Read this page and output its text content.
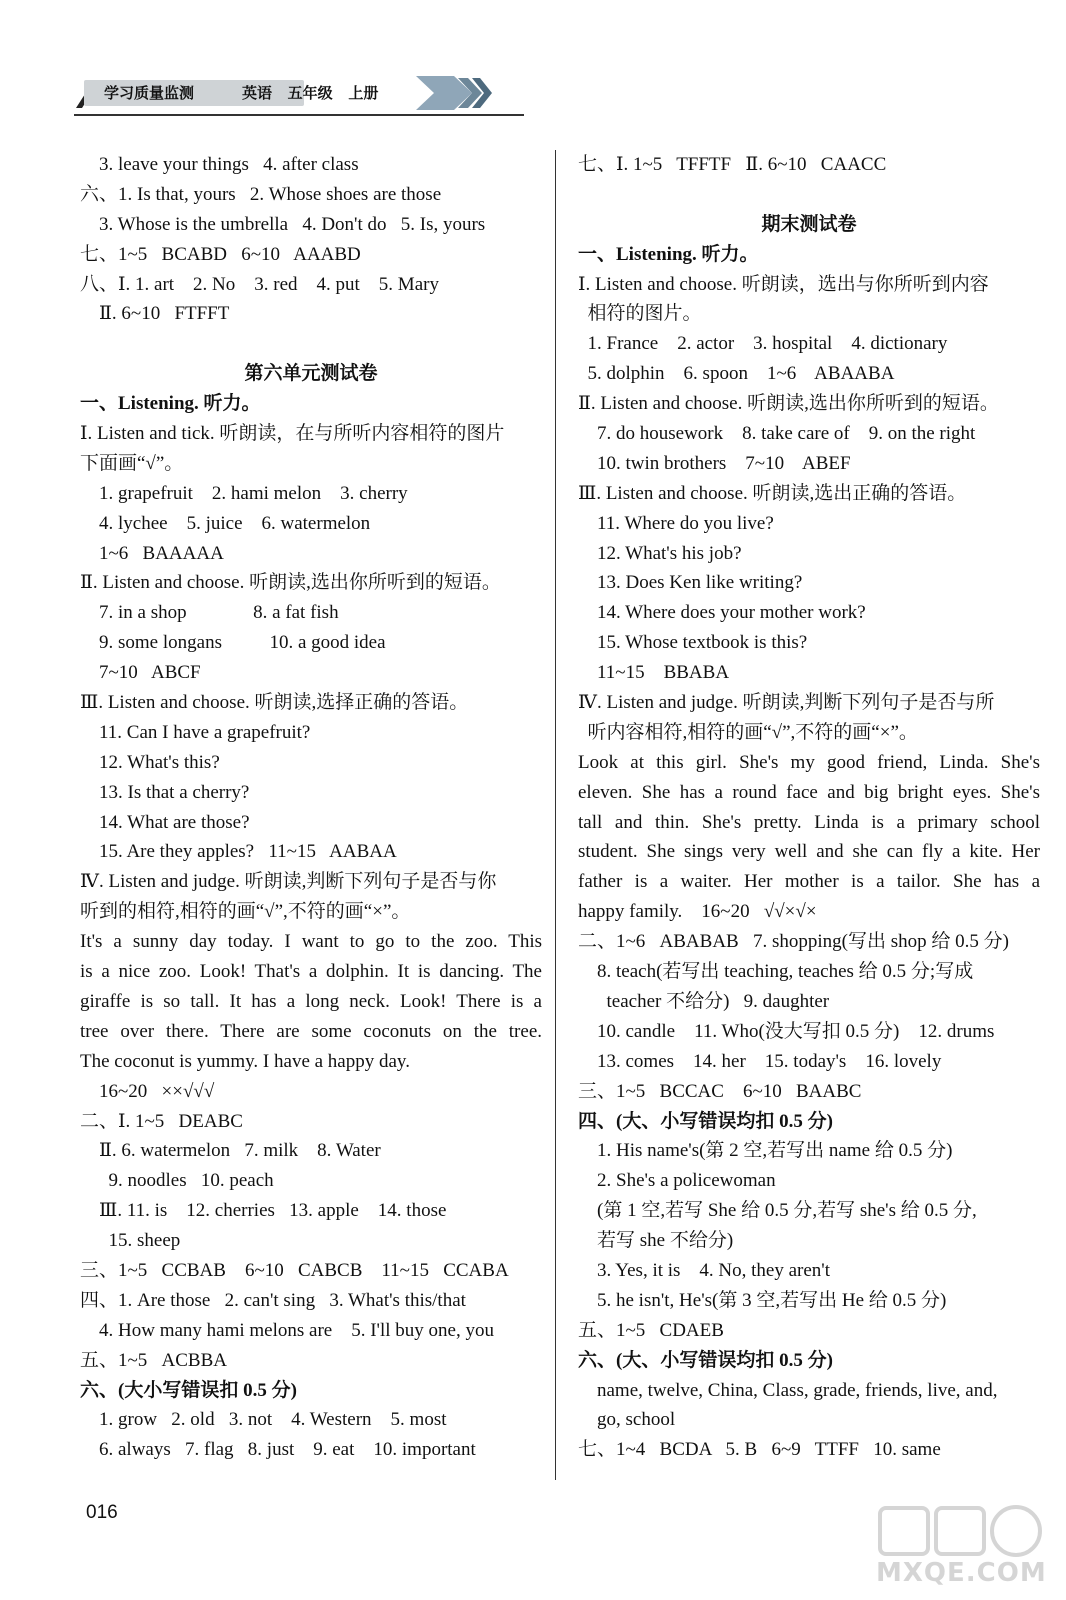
学习质量监测	英语   五年级   上册
3. leave your things   4. after class
六、1. Is that, yours   2. Whose shoes are those
3. Whose is the umbrella   4. Don't do   5. Is, yours
七、1~5   BCABD   6~10   AAABD
八、Ⅰ. 1. art    2. No    3. red    4. put    5. Mary
Ⅱ. 6~10   FTFFT
第六单元测试卷
一、Listening. 听力。
Ⅰ. Listen and tick. 听朗读，在与所听内容相符的图片
下面画“√”。
1. grapefruit    2. hami melon    3. cherry
4. lychee    5. juice    6. watermelon
1~6   BAAAAA
Ⅱ. Listen and choose. 听朗读,选出你所听到的短语。
7. in a shop              8. a fat fish
9. some longans          10. a good idea
7~10   ABCF
Ⅲ. Listen and choose. 听朗读,选择正确的答语。
11. Can I have a grapefruit?
12. What's this?
13. Is that a cherry?
14. What are those?
15. Are they apples?   11~15   AABAA
Ⅳ. Listen and judge. 听朗读,判断下列句子是否与你
听到的相符,相符的画“√”,不符的画“×”。
It's a sunny day today. I want to go to the zoo. This
is a nice zoo. Look! That's a dolphin. It is dancing. The
giraffe is so tall. It has a long neck. Look! There is a
tree over there. There are some coconuts on the tree.
The coconut is yummy. I have a happy day.
16~20   ××√√√
二、Ⅰ. 1~5   DEABC
Ⅱ. 6. watermelon   7. milk    8. Water
9. noodles   10. peach
Ⅲ. 11. is    12. cherries   13. apple    14. those
15. sheep
三、1~5   CCBAB    6~10   CABCB    11~15   CCABA
四、1. Are those   2. can't sing   3. What's this/that
4. How many hami melons are    5. I'll buy one, you
五、1~5   ACBBA
六、(大小写错误扣 0.5 分)
1. grow   2. old   3. not    4. Western    5. most
6. always   7. flag   8. just    9. eat    10. important
七、Ⅰ. 1~5   TFFTF   Ⅱ. 6~10   CAACC
期末测试卷
一、Listening. 听力。
Ⅰ. Listen and choose. 听朗读，选出与你所听到内容
相符的图片。
1. France    2. actor    3. hospital    4. dictionary
5. dolphin    6. spoon    1~6    ABAABA
Ⅱ. Listen and choose. 听朗读,选出你所听到的短语。
7. do housework    8. take care of    9. on the right
10. twin brothers    7~10    ABEF
Ⅲ. Listen and choose. 听朗读,选出正确的答语。
11. Where do you live?
12. What's his job?
13. Does Ken like writing?
14. Where does your mother work?
15. Whose textbook is this?
11~15    BBABA
Ⅳ. Listen and judge. 听朗读,判断下列句子是否与所
听内容相符,相符的画“√”,不符的画“×”。
Look at this girl. She's my good friend, Linda. She's
eleven. She has a round face and big bright eyes. She's
tall and thin. She's pretty. Linda is a primary school
student. She sings very well and she can fly a kite. Her
father is a waiter. Her mother is a tailor. She has a
happy family.    16~20   √√×√×
二、1~6   ABABAB   7. shopping(写出 shop 给 0.5 分)
8. teach(若写出 teaching, teaches 给 0.5 分;写成
teacher 不给分)   9. daughter
10. candle    11. Who(没大写扣 0.5 分)    12. drums
13. comes    14. her    15. today's    16. lovely
三、1~5   BCCAC    6~10   BAABC
四、(大、小写错误均扣 0.5 分)
1. His name's(第 2 空,若写出 name 给 0.5 分)
2. She's a policewoman
(第 1 空,若写 She 给 0.5 分,若写 she's 给 0.5 分,
若写 she 不给分)
3. Yes, it is    4. No, they aren't
5. he isn't, He's(第 3 空,若写出 He 给 0.5 分)
五、1~5   CDAEB
六、(大、小写错误均扣 0.5 分)
name, twelve, China, Class, grade, friends, live, and,
go, school
七、1~4   BCDA   5. B   6~9   TTFF   10. same
016
MXQE.COM
